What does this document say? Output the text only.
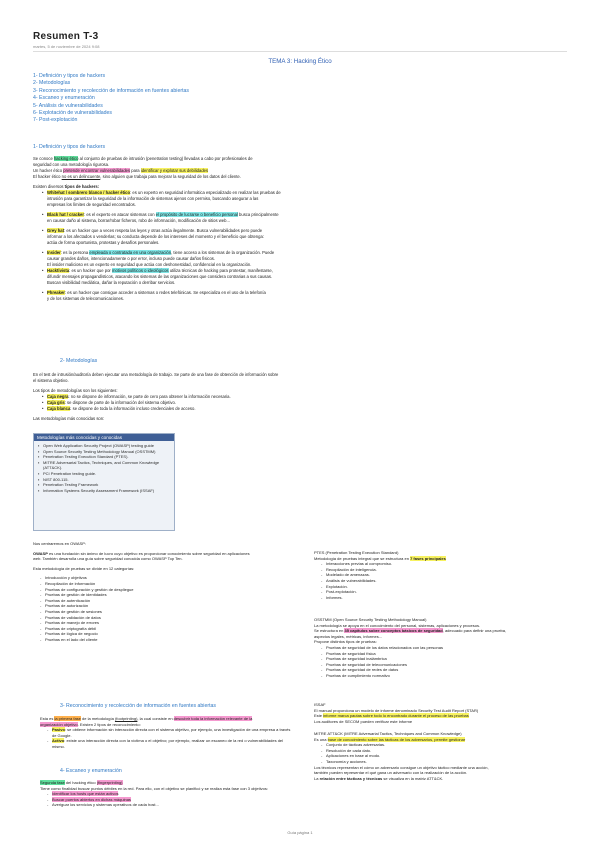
Resumen T-3
martes, 5 de noviembre de 2024 9:08
TEMA 3: Hacking Ético
1- Definición y tipos de hackers
2- Metodologías
3- Reconocimiento y recolección de información en fuentes abiertas
4- Escaneo y enumeración
5- Análisis de vulnerabilidades
6- Explotación de vulnerabilidades
7- Post-explotación
1- Definición y tipos de hackers
Se conoce hacking ético al conjunto de pruebas de intrusión (penetration testing) llevadas a cabo por profesionales de
seguridad con una metodología rigurosa.
Un hacker ético pretende encontrar vulnerabilidades para identificar y explotar sus debilidades
El hacker ético no es un delincuente, sino alguien que trabaja para mejorar la seguridad de los datos del cliente.
Existen diversos tipos de hackers:
• Whitehat / sombrero blanco / hacker ético: es un experto en seguridad informática especializado en realizar las pruebas de
intrusión para garantizar la seguridad de la información de sistemas ajenos con permiso, buscando asegurar a las
empresas los límites de seguridad encontrados.
• Black hat / cracker: es el experto en atacar sistemas con el propósito de lucrarse o beneficio personal busca principalmente
en causar daño al sistema, borrar/robar ficheros, robo de información, modificación de sitios web...
• Grey hat: es un hacker que a veces respeta las leyes y otras actúa ilegalmente. Busca vulnerabilidades pero puede
informar a los afectados o venderlas; su conducta depende de los intereses del momento y el beneficio que obtenga:
actúa de forma oportunista, protestas y desafíos personales.
• Insider: es la persona empleada o contratada en una organización, tiene acceso a los sistemas de la organización. Puede
causar grandes daños, intencionadamente o por error, incluso puede causar daños fisicos.
El insider malicioso es un experto en seguridad que actúa con deshonestidad, confidencial en la organización.
• Hacktivista: es un hacker que por motivos políticos o ideológicos utiliza técnicas de hacking para protestar, manifestarse,
difundir mensajes propagandísticos, atacando los sistemas de las organizaciones que considera contrarias a sus causas.
Buscan visibilidad mediática, dañar la reputación o derribar servicios.
• Phreaker: es un hacker que consigue acceder a sistemas o redes telefónicas. Se especializa en el uso de la telefonía
y de los sistemas de telecomunicaciones.
2- Metodologías
En el test de intrusión/auditoría deben ejecutar una metodología de trabajo. Se parte de una fase de obtención de información sobre
el sistema objetivo.
Los tipos de metodologías son los siguientes:
• Caja negra: no se dispone de información, se parte de cero para obtener la información necesaria.
• Caja gris: se dispone de parte de la información del sistema objetivo.
• Caja blanca: se dispone de toda la información incluso credenciales de acceso.
Las metodologías más conocidas son:
Metodologías más conocidas y conocidas
▪ Open Web Application Security Project (OWASP) testing guide
▪ Open Source Security Testing Methodology Manual (OSSTMM)
▪ Penetration Testing Execution Standard (PTES).
▪ MITRE Adversarial Tactics, Techniques, and Common Knowledge (ATT&CK).
▪ PCI Penetration testing guide.
▪ NIST 800-115.
▪ Penetration Testing Framework
▪ Information Systems Security Assessment Framework (ISSAF)
Nos centraremos en OWASP:
OWASP es una fundación sin ánimo de lucro cuyo objetivo es proporcionar conocimiento sobre seguridad en aplicaciones
web. También desarrolla una guía sobre seguridad conocida como OWASP Top Ten.
Esta metodología de pruebas se divide en 12 categorías:
- Introducción y objetivos
- Recopilación de información
- Pruebas de configuración y gestión de despliegue
- Pruebas de gestión de identidades
- Pruebas de autenticación
- Pruebas de autorización
- Pruebas de gestión de sesiones
- Pruebas de validación de datos
- Pruebas de manejo de errores
- Pruebas de criptografía débil
- Pruebas de lógica de negocio
- Pruebas en el lado del cliente
PTES (Penetration Testing Execution Standard)
Metodología de pruebas integral que se estructura en 7 fases principales
- Interacciones previas al compromiso.
- Recopilación de inteligencia.
- Modelado de amenazas.
- Análisis de vulnerabilidades.
- Explotación.
- Post-explotación.
- Informes.
OSSTMM (Open Source Security Testing Methodology Manual)
La metodología se apoya en el conocimiento del personal, sistemas, aplicaciones y procesos.
Se estructura en 35 capítulos sobre conceptos básicos de seguridad, adecuado para definir una prueba,
aspectos legales, métricas, informes...
Propone distintos tipos de pruebas:
- Pruebas de seguridad de los datos relacionados con las personas
- Pruebas de seguridad física
- Pruebas de seguridad inalámbrica
- Pruebas de seguridad de telecomunicaciones
- Pruebas de seguridad de redes de datos
- Pruebas de cumplimiento normativo
ISSAF
El manual proporciona un modelo de informe denominado Security Test Audit Report (STAR)
Este informe marca pautas sobre todo lo encontrado durante el proceso de las pruebas
Los auditores de SECOM pueden verificar este informe
MITRE ATT&CK (MITRE Adversarial Tactics, Techniques and Common Knowledge)
Es una base de conocimiento sobre las tácticas de los adversarios, permite gestionar
- Conjunto de tácticas adversarias.
- Resolución de cada dato.
- Aplicaciones en base al modo.
- Taxonomía y acciones.
Los técnicos representan el cómo un adversario consigue un objetivo táctico mediante una acción,
también pueden representar el qué gana un adversario con la realización de la acción.
La relación entre tácticas y técnicas se visualiza en la matriz ATT&CK.
3- Reconocimiento y recolección de información en fuentes abiertas
Esta es la primera fase de la metodología (footprinting), la cual consiste en descubrir toda la información relevante de la
organización objetivo. Existen 2 tipos de reconocimiento:
- Pasivo: se obtiene información sin interacción directa con el sistema objetivo, por ejemplo, una investigación de una empresa a través
de Google.
- Activo: existe una interacción directa con la víctima o el objetivo; por ejemplo, realizar un escaneo de la red o vulnerabilidades del
mismo.
4- Escaneo y enumeración
Segunda fase del hacking ético (fingerprinting)
Tiene como finalidad buscar puntos débiles en la red. Para ello, con el objetivo se planificó y se realiza esta fase con 3 objetivos:
- Identificar los hosts que están activos
- Buscar puertos abiertos en dichas máquinas
- Averiguar los servicios y sistemas operativos de cada host...
Guía página 1
